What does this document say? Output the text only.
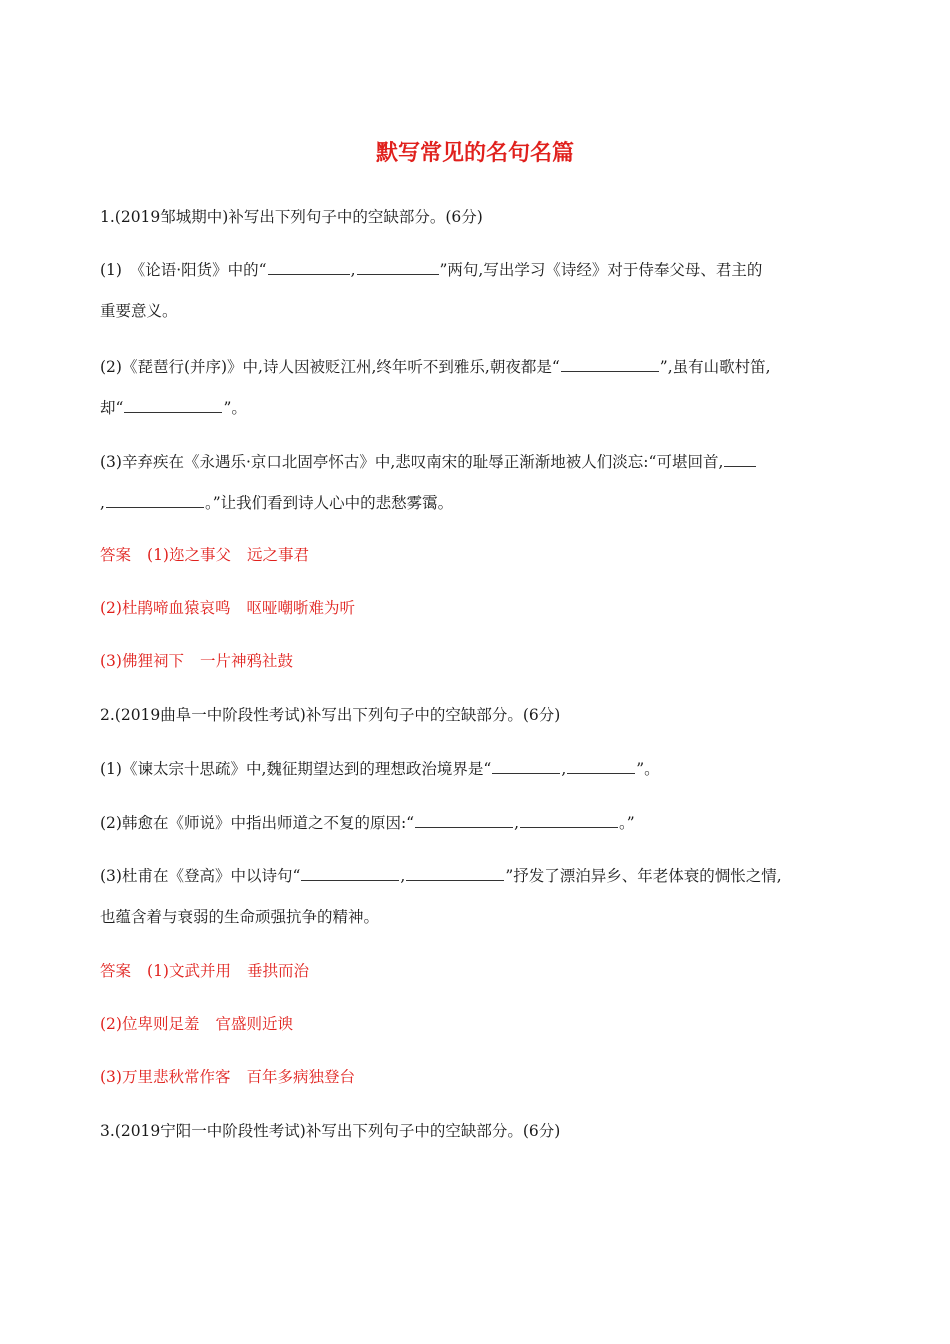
默写常见的名句名篇
1.(2019邹城期中)补写出下列句子中的空缺部分。(6分)
(1)　《论语·阳货》中的“	,	”两句,写出学习《诗经》对于侍奉父母、君主的
重要意义。
(2)《琵琶行(并序)》中,诗人因被贬江州,终年听不到雅乐,朝夜都是“	”,虽有山歌村笛,
却“	”。
(3)辛弃疾在《永遇乐·京口北固亭怀古》中,悲叹南宋的耻辱正渐渐地被人们淡忘:“可堪回首,
,	。”让我们看到诗人心中的悲愁雾霭。
答案 (1)迩之事父 远之事君
(2)杜鹃啼血猿哀鸣 呕哑嘲哳难为听
(3)佛狸祠下 一片神鸦社鼓
2.(2019曲阜一中阶段性考试)补写出下列句子中的空缺部分。(6分)
(1)《谏太宗十思疏》中,魏征期望达到的理想政治境界是“	,	”。
(2)韩愈在《师说》中指出师道之不复的原因:“	,	。”
(3)杜甫在《登高》中以诗句“	,	”抒发了漂泊异乡、年老体衰的惆怅之情,
也蕴含着与衰弱的生命顽强抗争的精神。
答案 (1)文武并用 垂拱而治
(2)位卑则足羞 官盛则近谀
(3)万里悲秋常作客 百年多病独登台
3.(2019宁阳一中阶段性考试)补写出下列句子中的空缺部分。(6分)
